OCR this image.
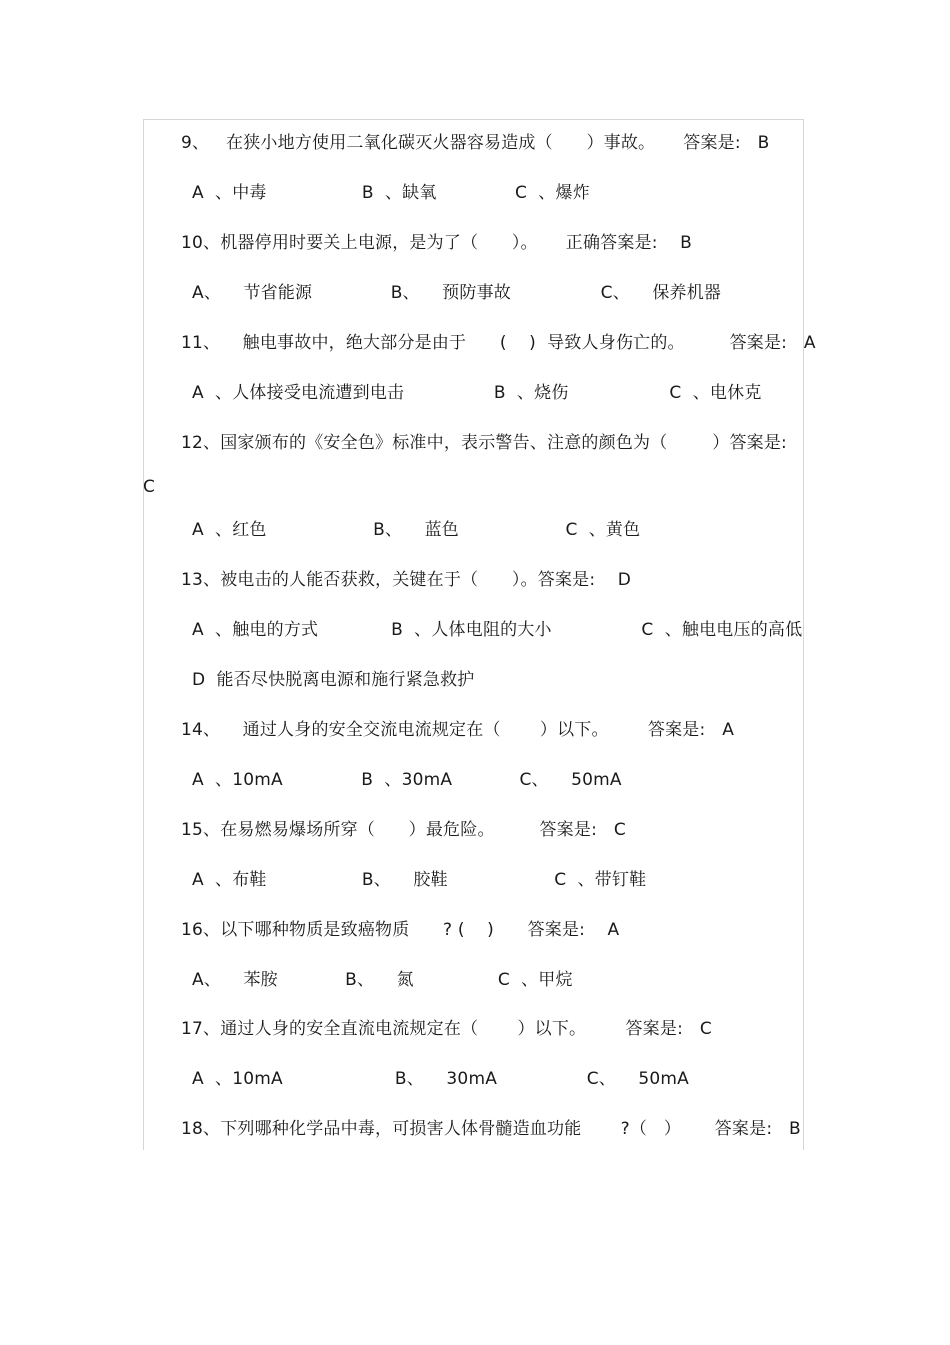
9、   在狭小地方使用二氧化碳灭火器容易造成（      ）事故。     答案是:   B
A  、中毒                 B  、缺氧              C  、爆炸
10、机器停用时要关上电源，是为了（      ）。     正确答案是:    B
A、    节省能源              B、    预防事故                C、    保养机器
11、    触电事故中，绝大部分是由于      (    )  导致人身伤亡的。        答案是:   A
A  、人体接受电流遭到电击                B  、烧伤                  C  、电休克
12、国家颁布的《安全色》标准中，表示警告、注意的颜色为（        ）答案是:
C
A  、红色                   B、    蓝色                   C  、黄色
13、被电击的人能否获救，关键在于（      ）。答案是:    D
A  、触电的方式             B  、人体电阻的大小                C  、触电电压的高低
D  能否尽快脱离电源和施行紧急救护
14、    通过人身的安全交流电流规定在（       ）以下。       答案是:   A
A  、10mA              B  、30mA            C、    50mA
15、在易燃易爆场所穿（      ）最危险。        答案是:   C
A  、布鞋                 B、    胶鞋                   C  、带钉鞋
16、以下哪种物质是致癌物质      ? (    )      答案是:    A
A、    苯胺            B、    氮               C  、甲烷
17、通过人身的安全直流电流规定在（       ）以下。       答案是:   C
A  、10mA                    B、    30mA                C、    50mA
18、下列哪种化学品中毒，可损害人体骨髓造血功能       ?（   ）      答案是:   B
